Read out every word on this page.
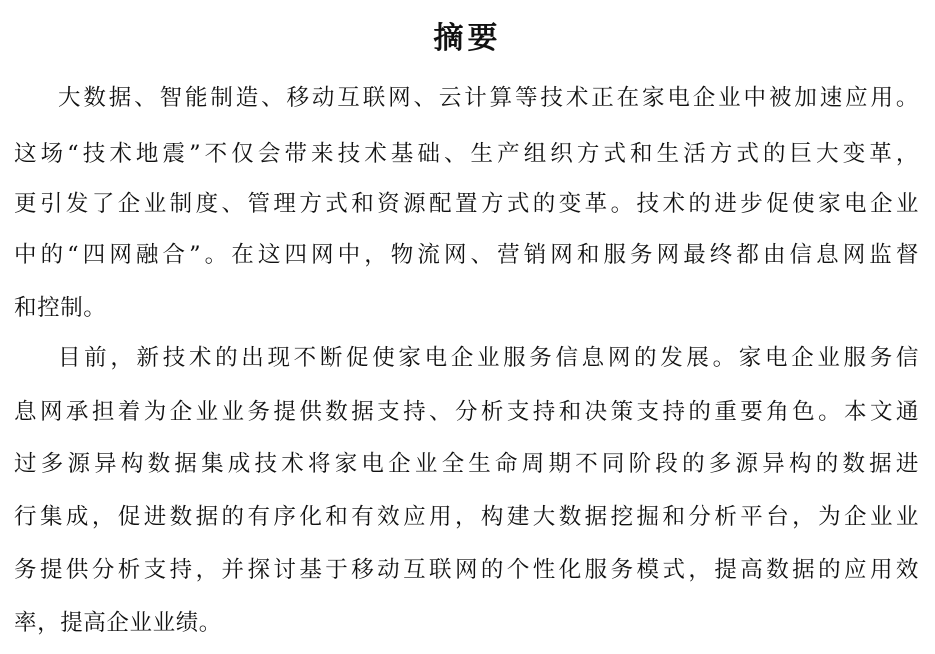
摘要
大数据、智能制造、移动互联网、云计算等技术正在家电企业中被加速应用。
这场“技术地震”不仅会带来技术基础、生产组织方式和生活方式的巨大变革，
更引发了企业制度、管理方式和资源配置方式的变革。技术的进步促使家电企业
中的“四网融合”。在这四网中，物流网、营销网和服务网最终都由信息网监督
和控制。
目前，新技术的出现不断促使家电企业服务信息网的发展。家电企业服务信
息网承担着为企业业务提供数据支持、分析支持和决策支持的重要角色。本文通
过多源异构数据集成技术将家电企业全生命周期不同阶段的多源异构的数据进
行集成，促进数据的有序化和有效应用，构建大数据挖掘和分析平台，为企业业
务提供分析支持，并探讨基于移动互联网的个性化服务模式，提高数据的应用效
率，提高企业业绩。
